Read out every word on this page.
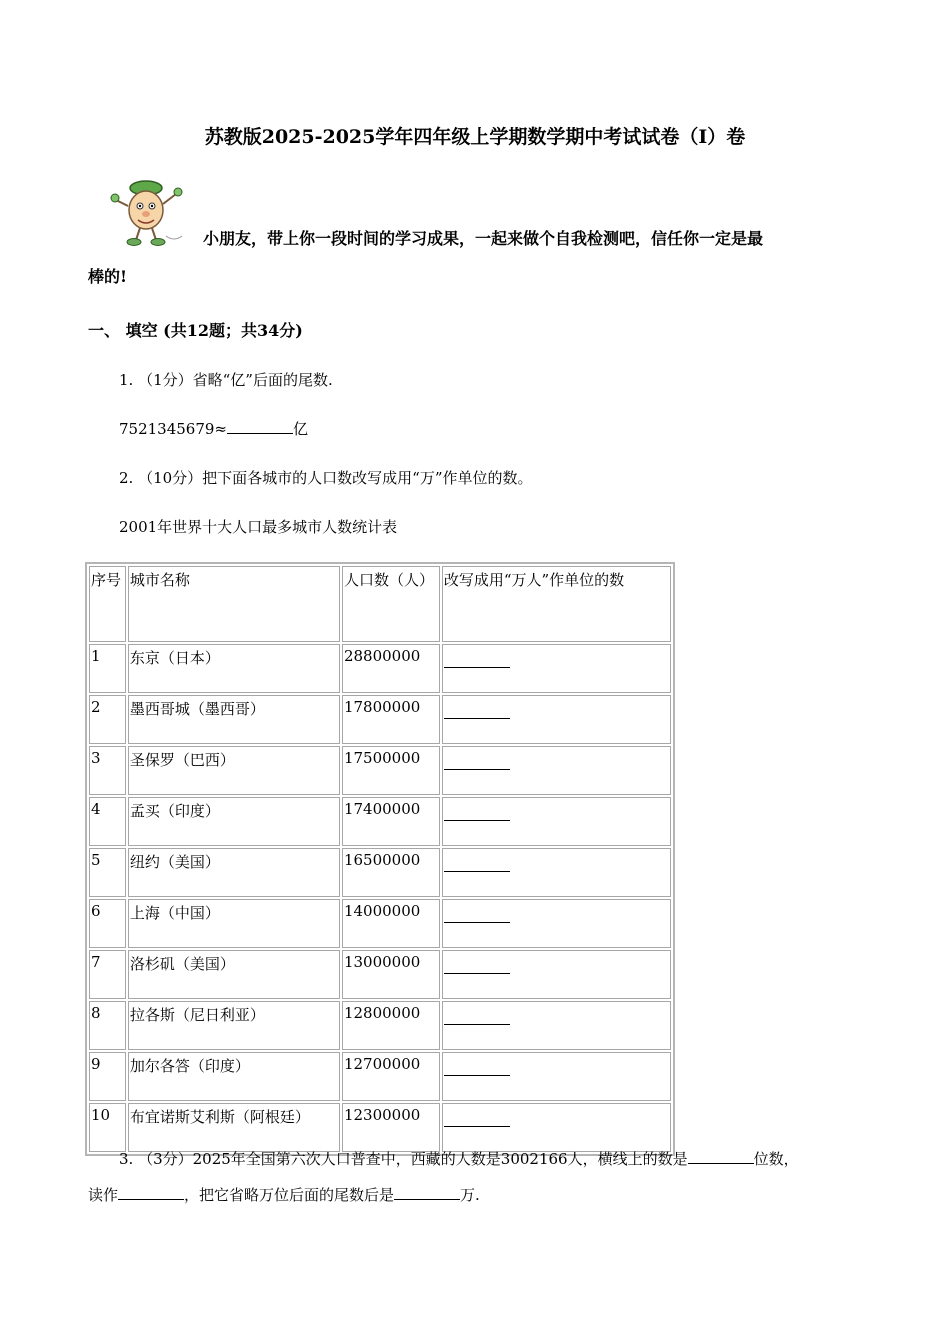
苏教版2025-2025学年四年级上学期数学期中考试试卷（I）卷
小朋友，带上你一段时间的学习成果，一起来做个自我检测吧，信任你一定是最
棒的!
一、 填空 (共12题；共34分)
1. （1分）省略“亿”后面的尾数.
7521345679≈	亿
2. （10分）把下面各城市的人口数改写成用“万”作单位的数。
2001年世界十大人口最多城市人数统计表
序号	城市名称	人口数（人）	改写成用“万人”作单位的数
1	东京（日本）	28800000	

2	墨西哥城（墨西哥）	17800000	

3	圣保罗（巴西）	17500000	

4	孟买（印度）	17400000	

5	纽约（美国）	16500000	

6	上海（中国）	14000000	

7	洛杉矶（美国）	13000000	

8	拉各斯（尼日利亚）	12800000	

9	加尔各答（印度）	12700000	

10	布宜诺斯艾利斯（阿根廷）	12300000	
3. （3分）2025年全国第六次人口普查中，西藏的人数是3002166人，横线上的数是	位数，
读作	，把它省略万位后面的尾数后是	万.
